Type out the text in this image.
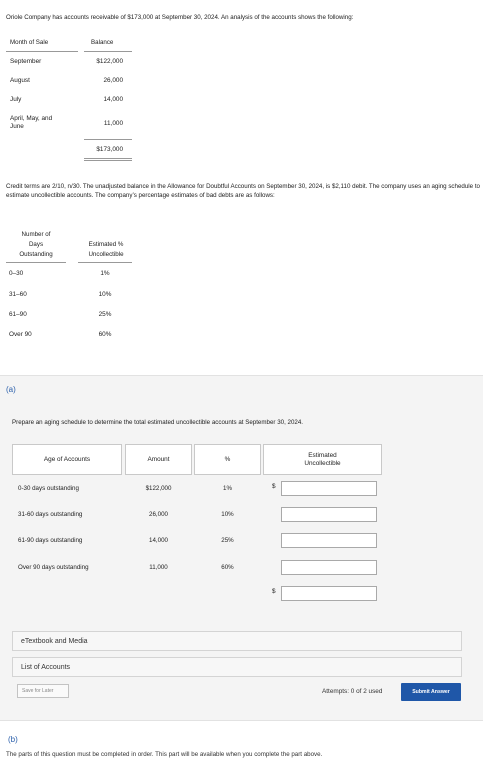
Oriole Company has accounts receivable of $173,000 at September 30, 2024. An analysis of the accounts shows the following:
Month of Sale	Balance
September	$122,000
August	26,000
July	14,000
April, May, and
June	11,000
$173,000
Credit terms are 2/10, n/30. The unadjusted balance in the Allowance for Doubtful Accounts on September 30, 2024, is $2,110 debit. The company uses an aging schedule to estimate uncollectible accounts. The company’s percentage estimates of bad debts are as follows:
Number of
Days
Outstanding
Estimated %
Uncollectible
0–30	1%
31–60	10%
61–90	25%
Over 90	60%
(a)
Prepare an aging schedule to determine the total estimated uncollectible accounts at September 30, 2024.
Age of Accounts	Amount	%
Estimated
Uncollectible
0-30 days outstanding	$122,000	1%	$
31-60 days outstanding	26,000	10%
61-90 days outstanding	14,000	25%
Over 90 days outstanding	11,000	60%
$
eTextbook and Media
List of Accounts
Save for Later	Attempts: 0 of 2 used	Submit Answer
(b)
The parts of this question must be completed in order. This part will be available when you complete the part above.
